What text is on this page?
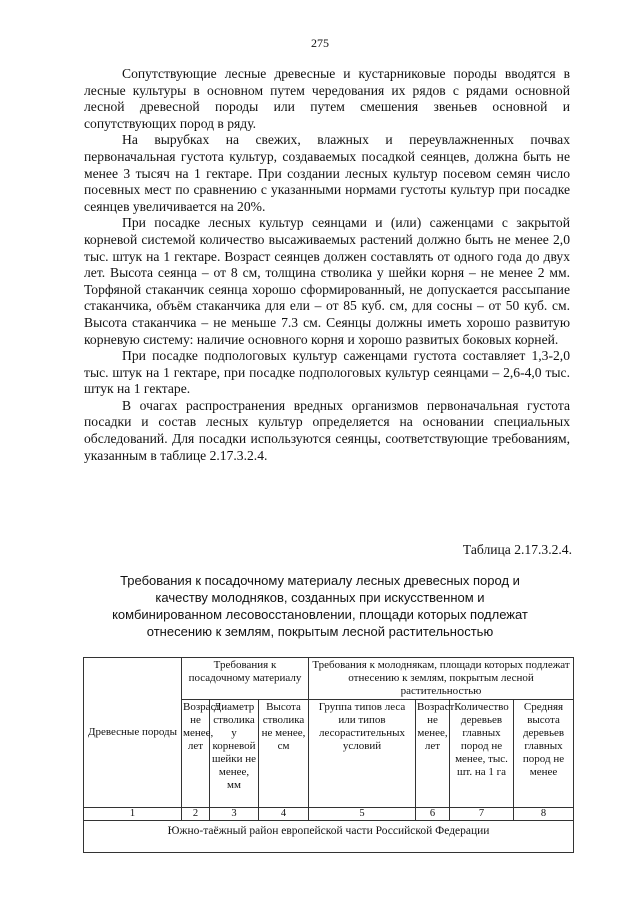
275

Сопутствующие лесные древесные и кустарниковые породы вводятся в лесные культуры в основном путем чередования их рядов с рядами основной лесной древесной породы или путем смешения звеньев основной и сопутствующих пород в ряду.

На вырубках на свежих, влажных и переувлажненных почвах первоначальная густота культур, создаваемых посадкой сеянцев, должна быть не менее 3 тысяч на 1 гектаре. При создании лесных культур посевом семян число посевных мест по сравнению с указанными нормами густоты культур при посадке сеянцев увеличивается на 20%.

При посадке лесных культур сеянцами и (или) саженцами с закрытой корневой системой количество высаживаемых растений должно быть не менее 2,0 тыс. штук на 1 гектаре. Возраст сеянцев должен составлять от одного года до двух лет. Высота сеянца – от 8 см, толщина стволика у шейки корня – не менее 2 мм. Торфяной стаканчик сеянца хорошо сформированный, не допускается рассыпание стаканчика, объём стаканчика для ели – от 85 куб. см, для сосны – от 50 куб. см. Высота стаканчика – не меньше 7.3 см. Сеянцы должны иметь хорошо развитую корневую систему: наличие основного корня и хорошо развитых боковых корней.

При посадке подпологовых культур саженцами густота составляет 1,3-2,0 тыс. штук на 1 гектаре, при посадке подпологовых культур сеянцами – 2,6-4,0 тыс. штук на 1 гектаре.

В очагах распространения вредных организмов первоначальная густота посадки и состав лесных культур определяется на основании специальных обследований. Для посадки используются сеянцы, соответствующие требованиям, указанным в таблице 2.17.3.2.4.

Таблица 2.17.3.2.4.
Требования к посадочному материалу лесных древесных пород и качеству молодняков, созданных при искусственном и комбинированном лесовосстановлении, площади которых подлежат отнесению к землям, покрытым лесной растительностью
Древесные породы	Требования к посадочному материалу			Требования к молоднякам, площади которых подлежат отнесению к землям, покрытым лесной растительностью			
	Возраст не менее, лет	Диаметр стволика у корневой шейки не менее, мм	Высота стволика не менее, см	Группа типов леса или типов лесорастительных условий	Возраст не менее, лет	Количество деревьев главных пород не менее, тыс. шт. на 1 га	Средняя высота деревьев главных пород не менее
1	2	3	4	5	6	7	8
Южно-таёжный район европейской части Российской Федерации							
